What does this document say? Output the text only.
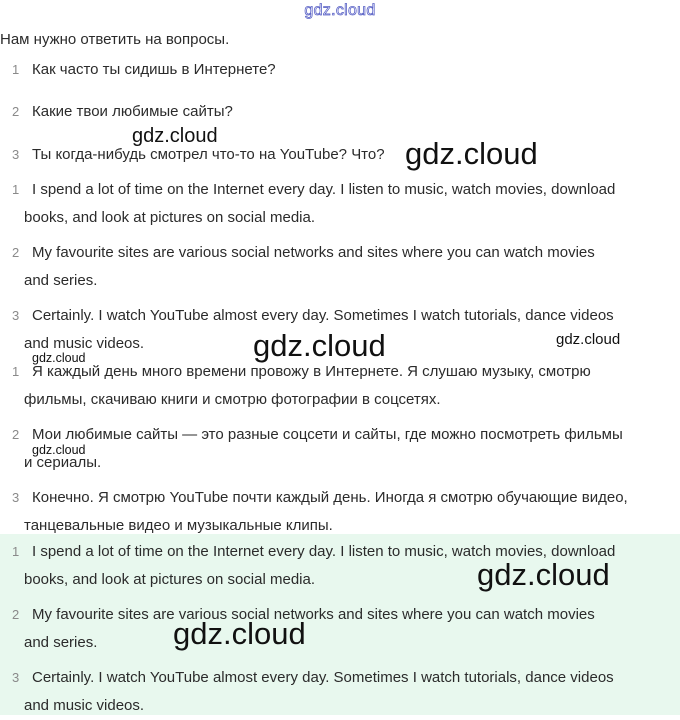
gdz.cloud
Нам нужно ответить на вопросы.
1 Как часто ты сидишь в Интернете?
2 Какие твои любимые сайты?
3 Ты когда-нибудь смотрел что-то на YouTube? Что?
1 I spend a lot of time on the Internet every day. I listen to music, watch movies, download
books, and look at pictures on social media.
2 My favourite sites are various social networks and sites where you can watch movies
and series.
3 Certainly. I watch YouTube almost every day. Sometimes I watch tutorials, dance videos
and music videos.
1 Я каждый день много времени провожу в Интернете. Я слушаю музыку, смотрю
фильмы, скачиваю книги и смотрю фотографии в соцсетях.
2 Мои любимые сайты — это разные соцсети и сайты, где можно посмотреть фильмы
и сериалы.
3 Конечно. Я смотрю YouTube почти каждый день. Иногда я смотрю обучающие видео,
танцевальные видео и музыкальные клипы.
1 I spend a lot of time on the Internet every day. I listen to music, watch movies, download
books, and look at pictures on social media.
2 My favourite sites are various social networks and sites where you can watch movies
and series.
3 Certainly. I watch YouTube almost every day. Sometimes I watch tutorials, dance videos
and music videos.
gdz.cloud	gdz.cloud
gdz.cloud	gdz.cloud
gdz.cloud
gdz.cloud
gdz.cloud
gdz.cloud
